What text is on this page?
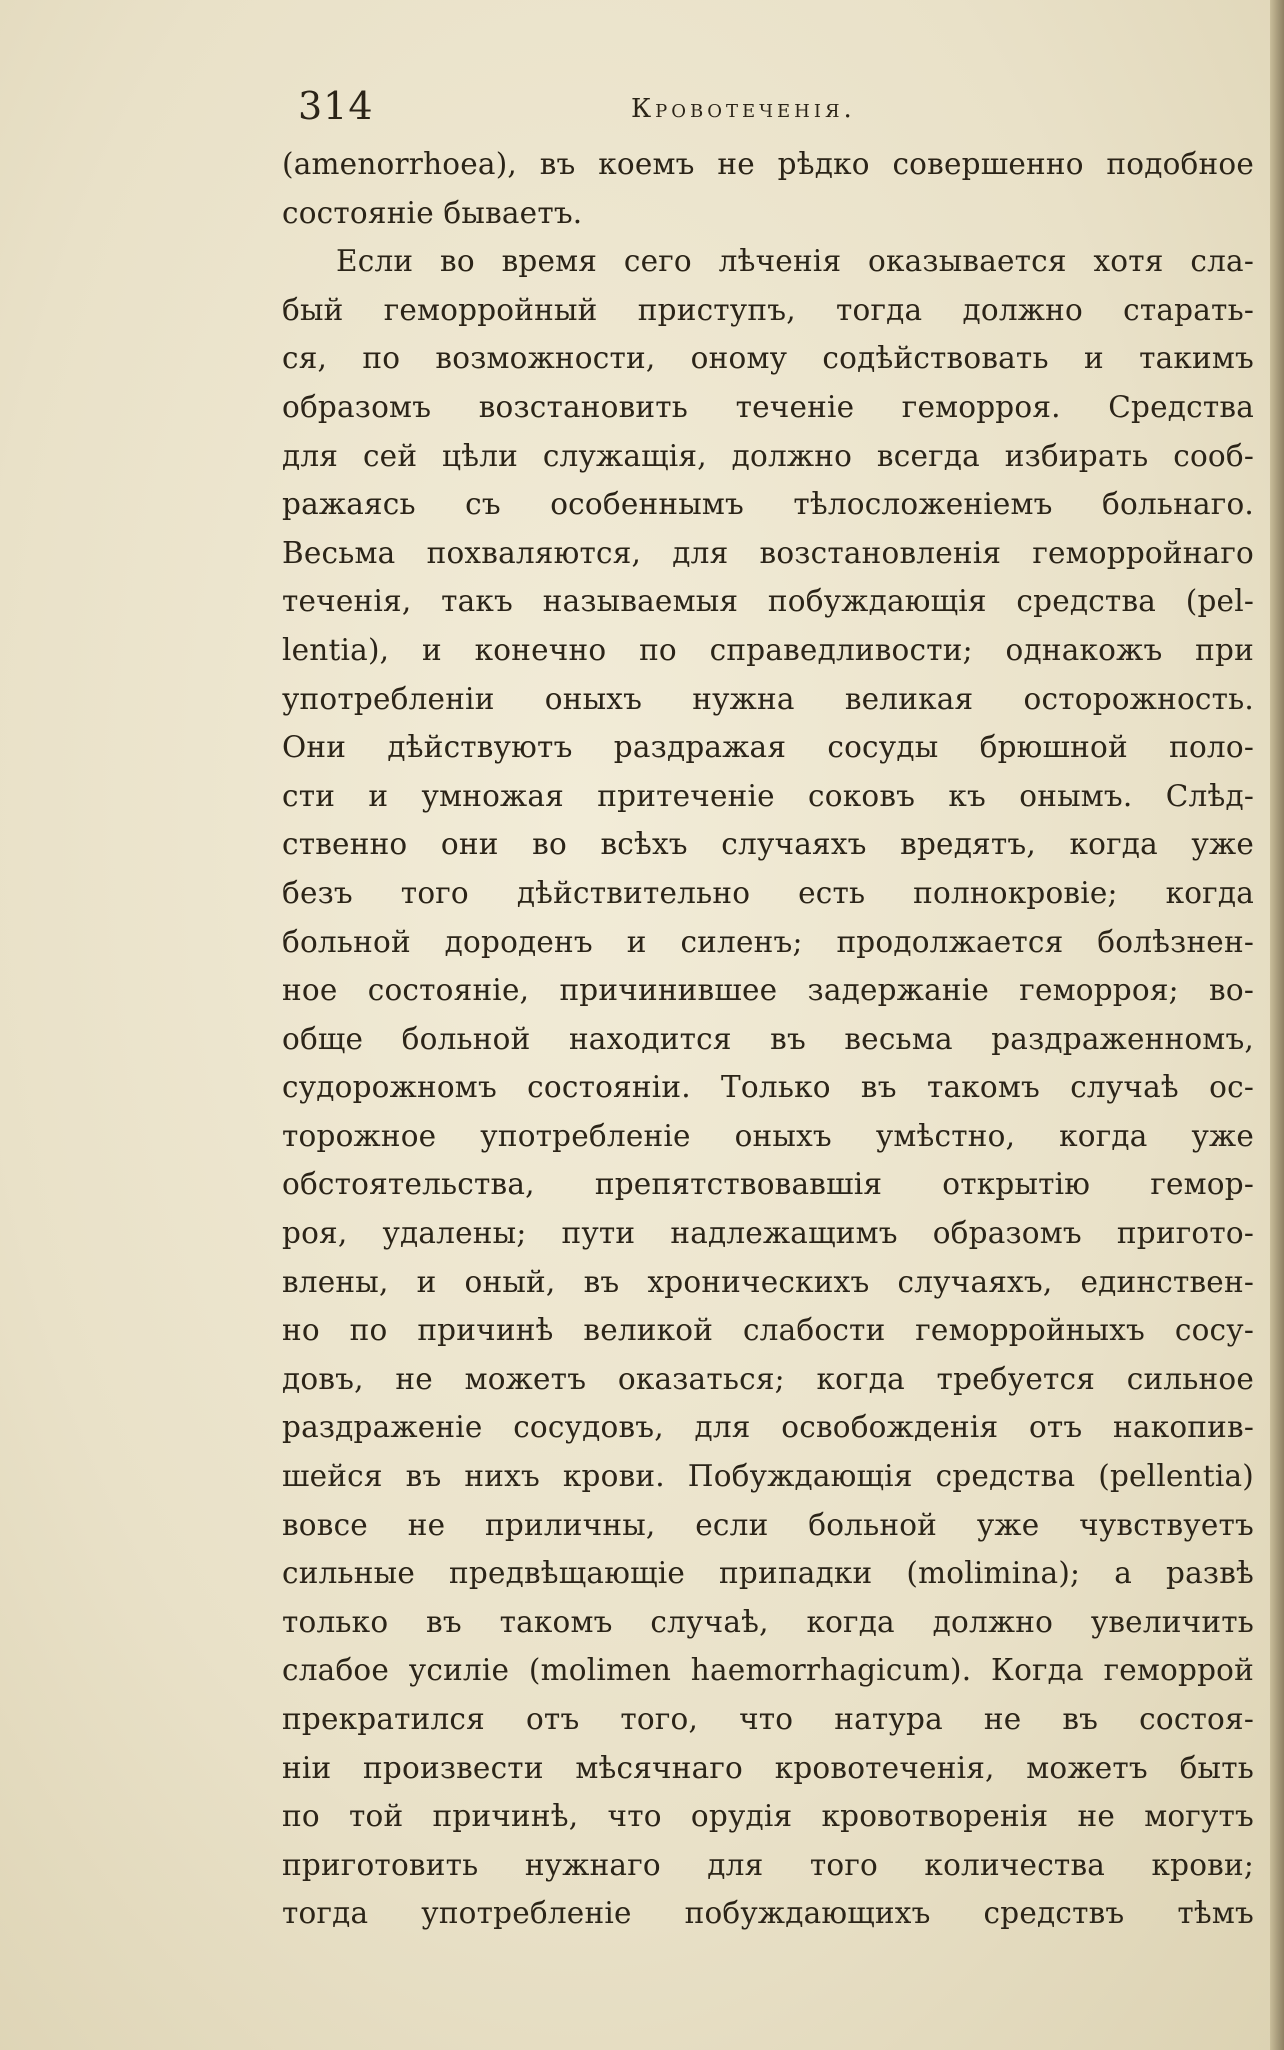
314	Кровотеченія.
(amenorrhoea), въ коемъ не рѣдко совершенно подобное
состояніе бываетъ.
Если во время сего лѣченія оказывается хотя сла-
бый геморройный приступъ, тогда должно старать-
ся, по возможности, оному содѣйствовать и такимъ
образомъ возстановить теченіе геморроя. Средства
для сей цѣли служащія, должно всегда избирать сооб-
ражаясь съ особеннымъ тѣлосложеніемъ больнаго.
Весьма похваляются, для возстановленія геморройнаго
теченія, такъ называемыя побуждающія средства (pel-
lentia), и конечно по справедливости; однакожъ при
употребленіи оныхъ нужна великая осторожность.
Они дѣйствуютъ раздражая сосуды брюшной поло-
сти и умножая притеченіе соковъ къ онымъ. Слѣд-
ственно они во всѣхъ случаяхъ вредятъ, когда уже
безъ того дѣйствительно есть полнокровіе; когда
больной дороденъ и силенъ; продолжается болѣзнен-
ное состояніе, причинившее задержаніе геморроя; во-
обще больной находится въ весьма раздраженномъ,
судорожномъ состояніи. Только въ такомъ случаѣ ос-
торожное употребленіе оныхъ умѣстно, когда уже
обстоятельства, препятствовавшія открытію гемор-
роя, удалены; пути надлежащимъ образомъ пригото-
влены, и оный, въ хроническихъ случаяхъ, единствен-
но по причинѣ великой слабости геморройныхъ сосу-
довъ, не можетъ оказаться; когда требуется сильное
раздраженіе сосудовъ, для освобожденія отъ накопив-
шейся въ нихъ крови. Побуждающія средства (pellentia)
вовсе не приличны, если больной уже чувствуетъ
сильные предвѣщающіе припадки (molimina); а развѣ
только въ такомъ случаѣ, когда должно увеличить
слабое усиліе (molimen haemorrhagicum). Когда геморрой
прекратился отъ того, что натура не въ состоя-
ніи произвести мѣсячнаго кровотеченія, можетъ быть
по той причинѣ, что орудія кровотворенія не могутъ
приготовить нужнаго для того количества крови;
тогда употребленіе побуждающихъ средствъ тѣмъ
